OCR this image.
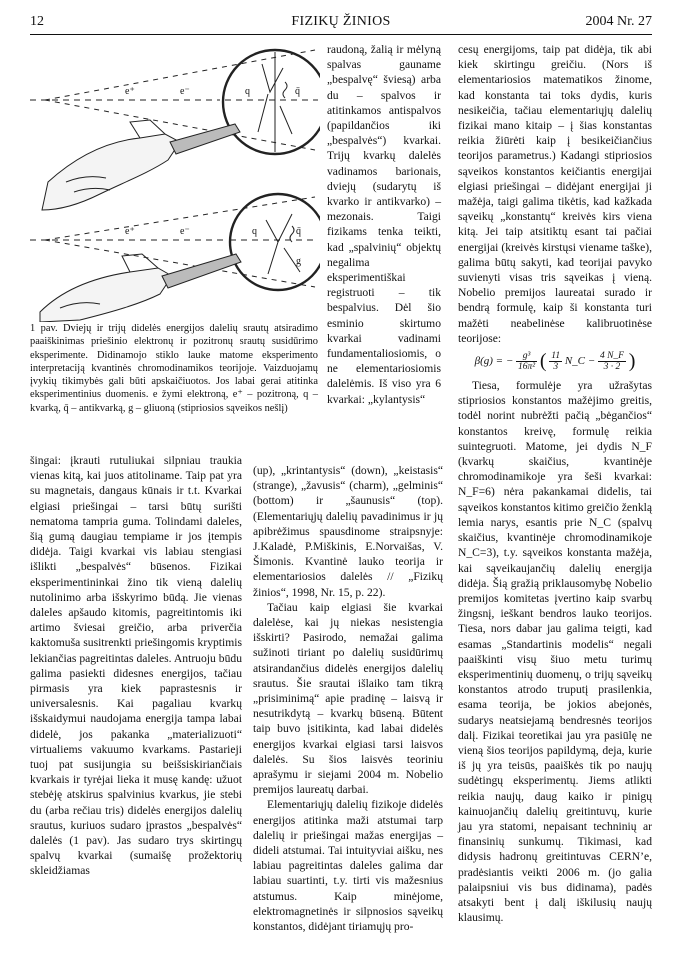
12	FIZIKŲ ŽINIOS	2004 Nr. 27
e⁺	e⁻	q	q̄
e⁺	e⁻	q	q̄
g
1 pav. Dviejų ir trijų didelės energijos dalelių srautų atsiradimo paaiškinimas priešinio elektronų ir pozitronų srautų susidūrimo eksperimente. Didinamojo stiklo lauke matome eksperimento interpretaciją kvantinės chromodinamikos teorijoje. Vaizduojamų įvykių tikimybės gali būti apskaičiuotos. Jos labai gerai atitinka eksperimentinius duomenis. e žymi elektroną, e⁺ – pozitroną, q – kvarką, q̄ – antikvarką, g – gliuoną (stipriosios sąveikos nešlį)

raudoną, žalią ir mėlyną spalvas gauname „bespalvę“ šviesą) arba du – spalvos ir atitinkamos antispalvos (papildančios iki „bespalvės“) kvarkai. Trijų kvarkų dalelės vadinamos barionais, dviejų (sudarytų iš kvarko ir antikvarko) – mezonais. Taigi fizikams tenka teikti, kad „spalvinių“ objektų negalima eksperimentiškai registruoti – tik bespalvius. Dėl šio esminio skirtumo kvarkai vadinami fundamentaliosiomis, o ne elementariosiomis dalelėmis. Iš viso yra 6 kvarkai: „kylantysis“

šingai: įkrauti rutuliukai silpniau traukia vienas kitą, kai juos atitoliname. Taip pat yra su magnetais, dangaus kūnais ir t.t. Kvarkai elgiasi priešingai – tarsi būtų surišti nematoma tampria guma. Tolindami daleles, šią gumą daugiau tempiame ir jos įtempis didėja. Taigi kvarkai vis labiau stengiasi išlikti „bespalvės“ būsenos. Fizikai eksperimentininkai žino tik vieną dalelių nutolinimo arba išskyrimo būdą. Jie vienas daleles apšaudo kitomis, pagreitintomis iki artimo šviesai greičio, arba priverčia kaktomuša susitrenkti priešingomis kryptimis lekiančias pagreitintas daleles. Antruoju būdu galima pasiekti didesnes energijos, tačiau pirmasis yra kiek paprastesnis ir universalesnis. Kai pagaliau kvarkų išskaidymui naudojama energija tampa labai didelė, jos pakanka „materializuoti“ virtualiems vakuumo kvarkams. Pastarieji tuoj pat susijungia su beišsiskiriančiais kvarkais ir tyrėjai lieka it musę kandę: užuot stebėję atskirus spalvinius kvarkus, jie stebi du (arba rečiau tris) didelės energijos dalelių srautus, kuriuos sudaro įprastos „bespalvės“ dalelės (1 pav). Jas sudaro trys skirtingų spalvų kvarkai (sumaišę prožektorių skleidžiamas

(up), „krintantysis“ (down), „keistasis“ (strange), „žavusis“ (charm), „gelminis“ (bottom) ir „šaunusis“ (top). (Elementariųjų dalelių pavadinimus ir jų apibrėžimus spausdinome straipsnyje: J.Kaladė, P.Miškinis, E.Norvaišas, V. Šimonis. Kvantinė lauko teorija ir elementariosios dalelės // „Fizikų žinios“, 1998, Nr. 15, p. 22).

Tačiau kaip elgiasi šie kvarkai dalelėse, kai jų niekas nesistengia išskirti? Pasirodo, nemažai galima sužinoti tiriant po dalelių susidūrimų atsirandančius didelės energijos dalelių srautus. Šie srautai išlaiko tam tikrą „prisiminimą“ apie pradinę – laisvą ir nesutrikdytą – kvarkų būseną. Būtent taip buvo įsitikinta, kad labai didelės energijos kvarkai elgiasi tarsi laisvos dalelės. Su šios laisvės teoriniu aprašymu ir siejami 2004 m. Nobelio premijos laureatų darbai.

Elementariųjų dalelių fizikoje didelės energijos atitinka maži atstumai tarp dalelių ir priešingai mažas energijas – dideli atstumai. Tai intuityviai aišku, nes labiau pagreitintas daleles galima dar labiau suartinti, t.y. tirti vis mažesnius atstumus. Kaip minėjome, elektromagnetinės ir silpnosios sąveikų konstantos, didėjant tiriamųjų pro-

cesų energijoms, taip pat didėja, tik abi kiek skirtingu greičiu. (Nors iš elementariosios matematikos žinome, kad konstanta tai toks dydis, kuris nesikeičia, tačiau elementariųjų dalelių fizikai mano kitaip – į šias konstantas reikia žiūrėti kaip į besikeičiančius teorijos parametrus.) Kadangi stipriosios sąveikos konstantos keičiantis energijai elgiasi priešingai – didėjant energijai ji mažėja, taigi galima tikėtis, kad kažkada sąveikų „konstantų“ kreivės kirs viena kitą. Jei taip atsitiktų esant tai pačiai energijai (kreivės kirstųsi viename taške), galima būtų sakyti, kad teorijai pavyko suvienyti visas tris sąveikas į vieną. Nobelio premijos laureatai surado ir bendrą formulę, kaip ši konstanta turi mažėti neabelinėse kalibruotinėse teorijose:

β(g) = − $\frac{\text{g³}}{\text{16π²}}$ ( $\frac{11}{3}$ N_C − $\frac{4 N\_F}{3 \cdot 2}$ )

Tiesa, formulėje yra užrašytas stipriosios konstantos mažėjimo greitis, todėl norint nubrėžti pačią „bėgančios“ konstantos kreivę, formulę reikia suintegruoti. Matome, jei dydis N_F (kvarkų skaičius, kvantinėje chromodinamikoje yra šeši kvarkai: N_F=6) nėra pakankamai didelis, tai sąveikos konstantos kitimo greičio ženklą lemia narys, esantis prie N_C (spalvų skaičius, kvantinėje chromodinamikoje N_C=3), t.y. sąveikos konstanta mažėja, kai sąveikaujančių dalelių energija didėja. Šią gražią priklausomybę Nobelio premijos komitetas įvertino kaip svarbų žingsnį, ieškant bendros lauko teorijos. Tiesa, nors dabar jau galima teigti, kad esamas „Standartinis modelis“ negali paaiškinti visų šiuo metu turimų eksperimentinių duomenų, o trijų sąveikų konstantos atrodo truputį prasilenkia, esama teorija, be jokios abejonės, sudarys neatsiejamą bendresnės teorijos dalį. Fizikai teoretikai jau yra pasiūlę ne vieną šios teorijos papildymą, deja, kurie iš jų yra teisūs, paaiškės tik po naujų sudėtingų eksperimentų. Jiems atlikti reikia naujų, daug kaiko ir pinigų kainuojančių dalelių greitintuvų, kurie jau yra statomi, nepaisant techninių ar finansinių sunkumų. Tikimasi, kad didysis hadronų greitintuvas CERN’e, pradėsiantis veikti 2006 m. (jo galia palaipsniui vis bus didinama), padės atsakyti bent į dalį iškilusių naujų klausimų.
